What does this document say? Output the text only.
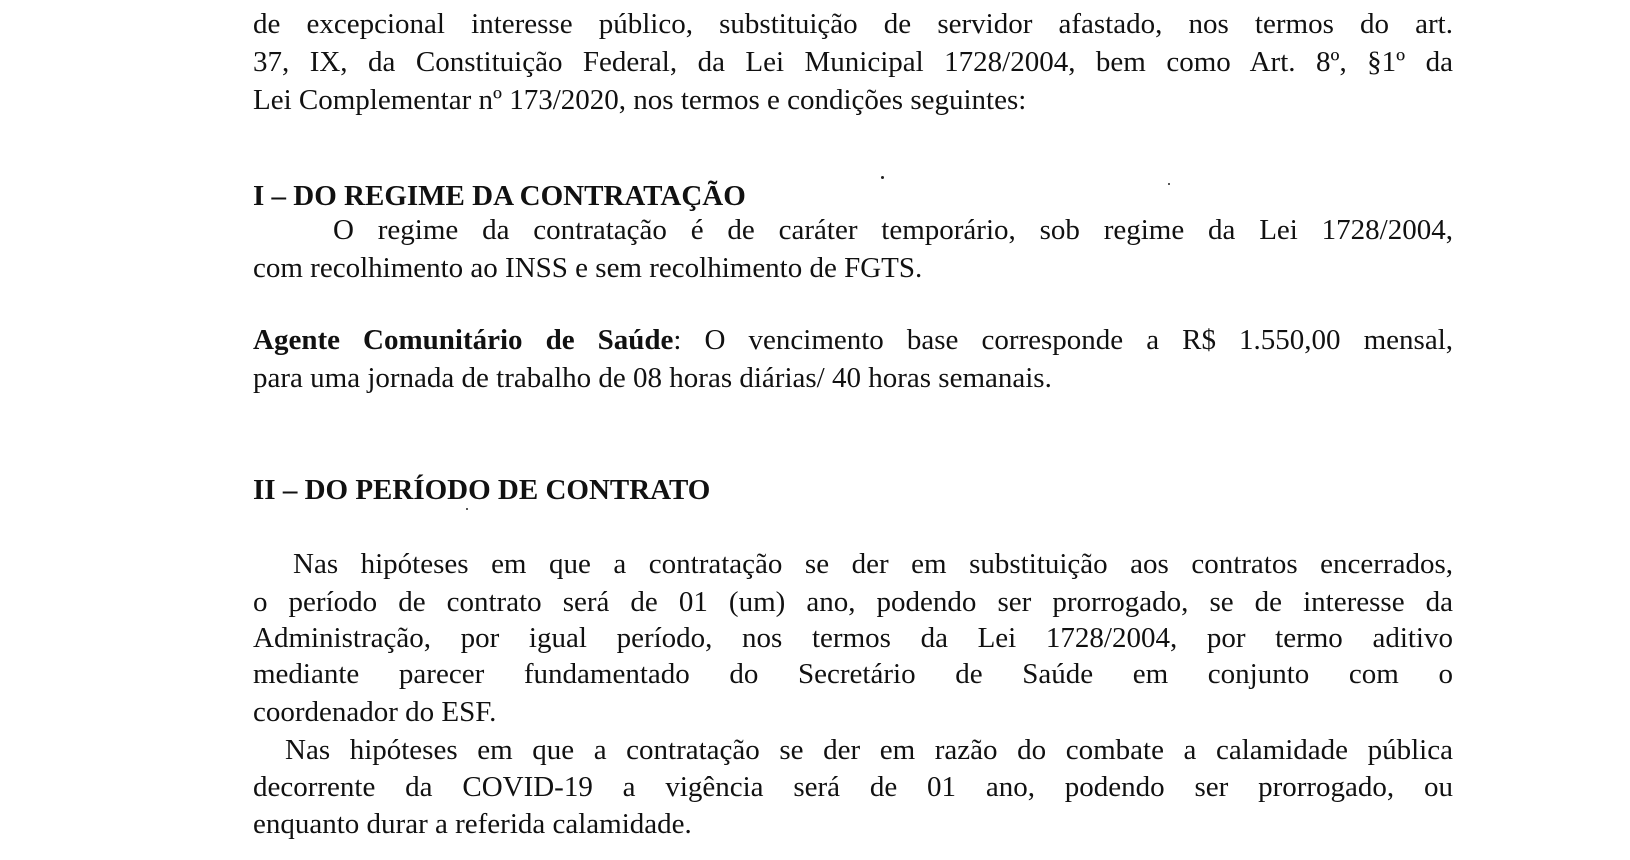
de excepcional interesse público, substituição de servidor afastado, nos termos do art.
37, IX, da Constituição Federal, da Lei Municipal 1728/2004, bem como Art. 8º, §1º da
Lei Complementar nº 173/2020, nos termos e condições seguintes:
I – DO REGIME DA CONTRATAÇÃO
O regime da contratação é de caráter temporário, sob regime da Lei 1728/2004,
com recolhimento ao INSS e sem recolhimento de FGTS.
Agente Comunitário de Saúde: O vencimento base corresponde a R$ 1.550,00 mensal,
para uma jornada de trabalho de 08 horas diárias/ 40 horas semanais.
II – DO PERÍODO DE CONTRATO
Nas hipóteses em que a contratação se der em substituição aos contratos encerrados,
o período de contrato será de 01 (um) ano, podendo ser prorrogado, se de interesse da
Administração, por igual período, nos termos da Lei 1728/2004, por termo aditivo
mediante parecer fundamentado do Secretário de Saúde em conjunto com o
coordenador do ESF.
Nas hipóteses em que a contratação se der em razão do combate a calamidade pública
decorrente da COVID-19 a vigência será de 01 ano, podendo ser prorrogado, ou
enquanto durar a referida calamidade.
